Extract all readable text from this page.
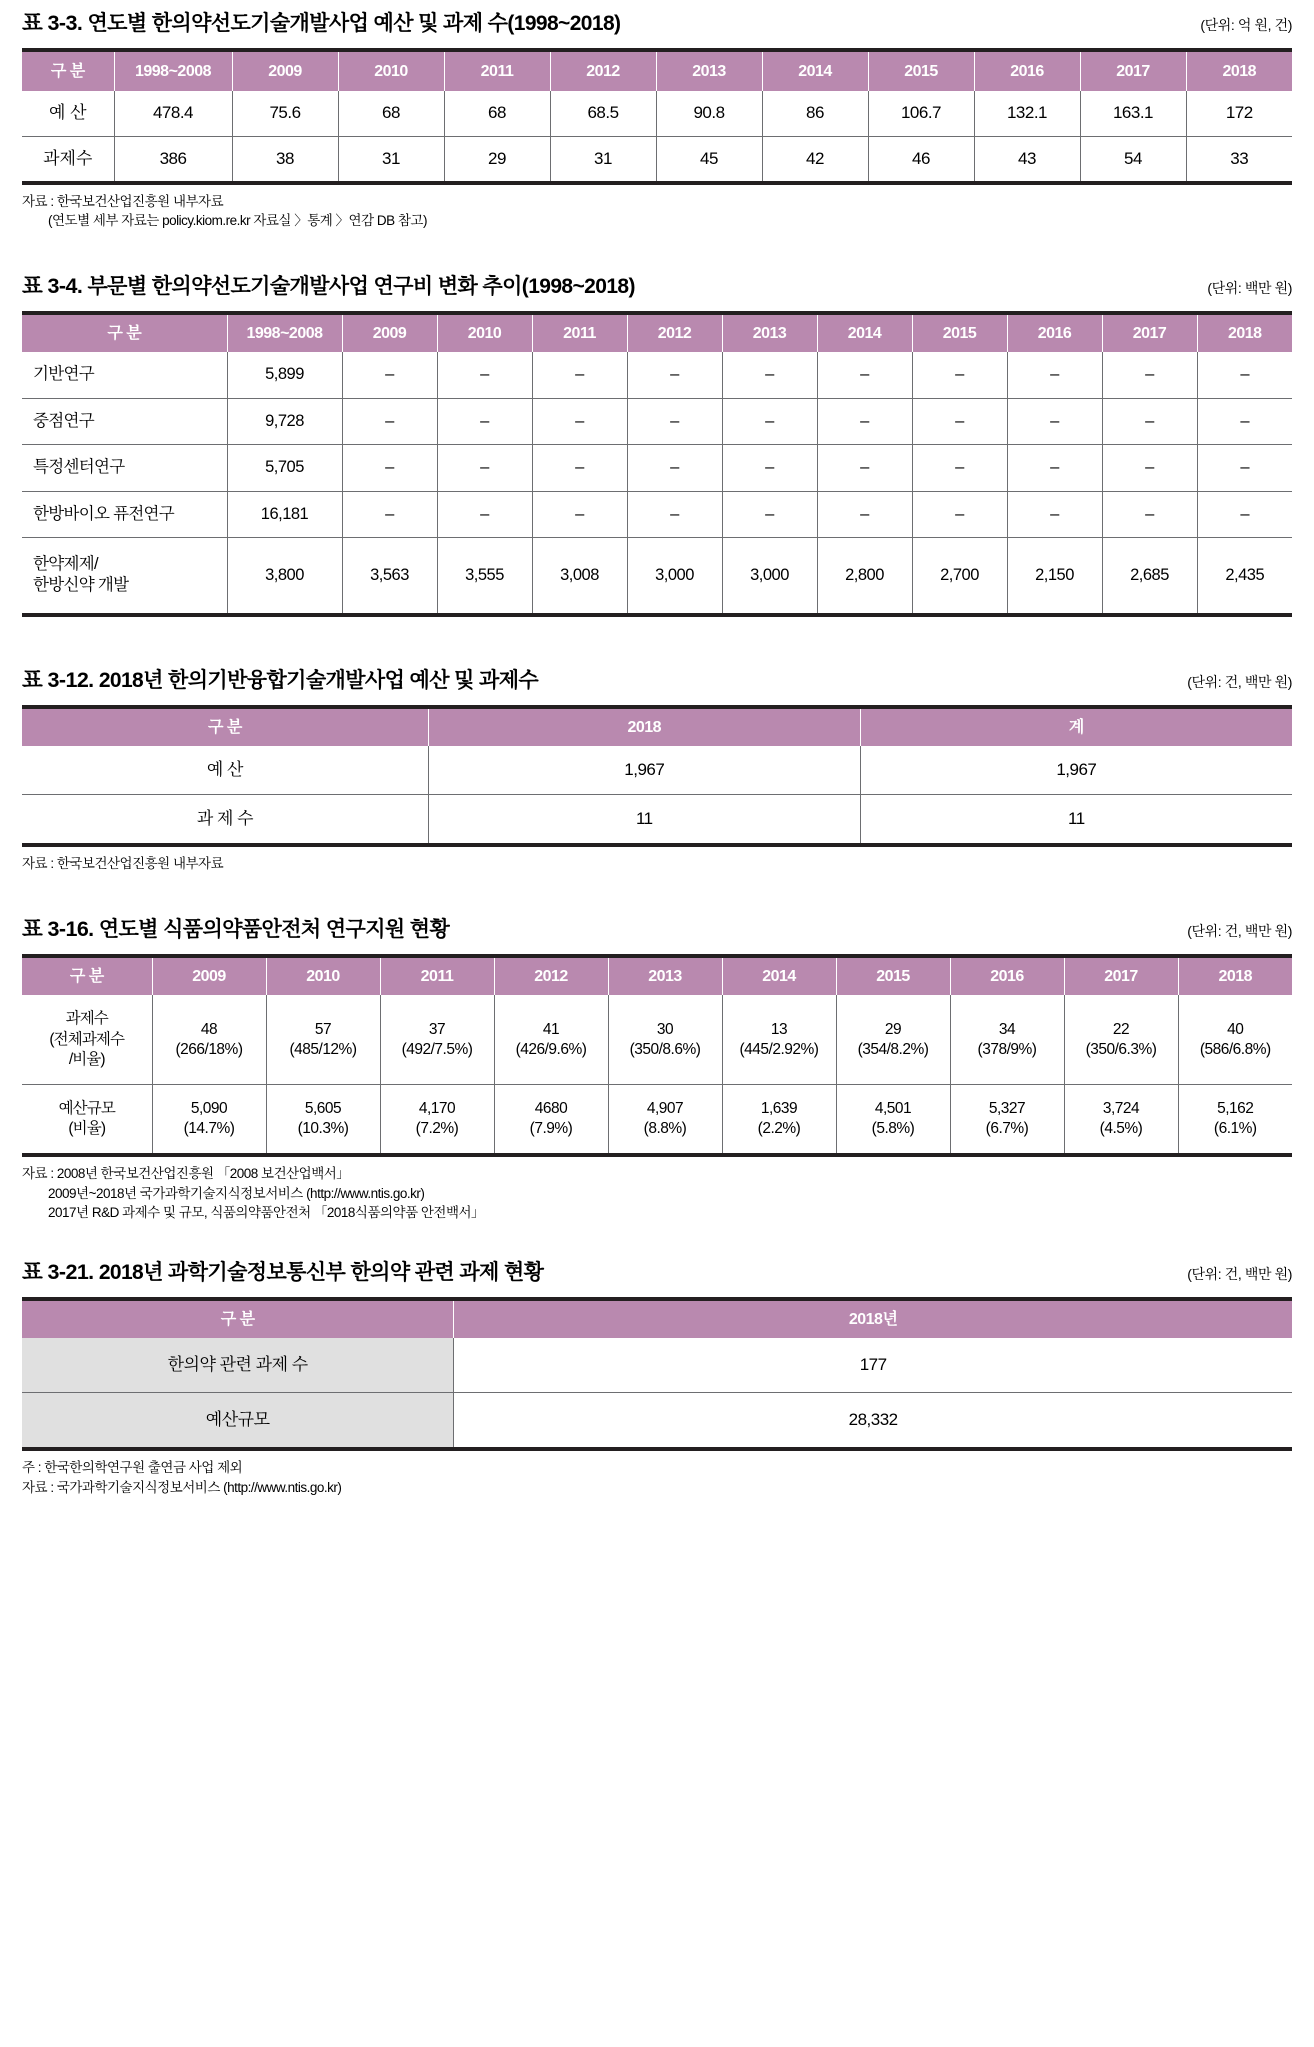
표 3-3. 연도별 한의약선도기술개발사업 예산 및 과제 수(1998~2018)	(단위: 억 원, 건)
구 분	1998~2008	2009	2010	2011	2012	2013	2014	2015	2016	2017	2018
예 산	478.4	75.6	68	68	68.5	90.8	86	106.7	132.1	163.1	172
과제수	386	38	31	29	31	45	42	46	43	54	33
자료 : 한국보건산업진흥원 내부자료
(연도별 세부 자료는 policy.kiom.re.kr 자료실 〉통계 〉연감 DB 참고)
표 3-4. 부문별 한의약선도기술개발사업 연구비 변화 추이(1998~2018)	(단위: 백만 원)
구 분	1998~2008	2009	2010	2011	2012	2013	2014	2015	2016	2017	2018
기반연구	5,899	–	–	–	–	–	–	–	–	–	–
중점연구	9,728	–	–	–	–	–	–	–	–	–	–
특정센터연구	5,705	–	–	–	–	–	–	–	–	–	–
한방바이오 퓨전연구	16,181	–	–	–	–	–	–	–	–	–	–
한약제제/
한방신약 개발	3,800	3,563	3,555	3,008	3,000	3,000	2,800	2,700	2,150	2,685	2,435
표 3-12. 2018년 한의기반융합기술개발사업 예산 및 과제수	(단위: 건, 백만 원)
구 분	2018	계
예 산	1,967	1,967
과 제 수	11	11
자료 : 한국보건산업진흥원 내부자료
표 3-16. 연도별 식품의약품안전처 연구지원 현황	(단위: 건, 백만 원)
구 분	2009	2010	2011	2012	2013	2014	2015	2016	2017	2018
과제수
(전체과제수
/비율)	48
(266/18%)	57
(485/12%)	37
(492/7.5%)	41
(426/9.6%)	30
(350/8.6%)	13
(445/2.92%)	29
(354/8.2%)	34
(378/9%)	22
(350/6.3%)	40
(586/6.8%)

예산규모
(비율)	5,090
(14.7%)	5,605
(10.3%)	4,170
(7.2%)	4680
(7.9%)	4,907
(8.8%)	1,639
(2.2%)	4,501
(5.8%)	5,327
(6.7%)	3,724
(4.5%)	5,162
(6.1%)
자료 : 2008년 한국보건산업진흥원 「2008 보건산업백서」
2009년~2018년 국가과학기술지식정보서비스 (http://www.ntis.go.kr)
2017년 R&D 과제수 및 규모, 식품의약품안전처 「2018식품의약품 안전백서」
표 3-21. 2018년 과학기술정보통신부 한의약 관련 과제 현황	(단위: 건, 백만 원)
구 분	2018년
한의약 관련 과제 수	177
예산규모	28,332
주 : 한국한의학연구원 출연금 사업 제외
자료 : 국가과학기술지식정보서비스 (http://www.ntis.go.kr)
